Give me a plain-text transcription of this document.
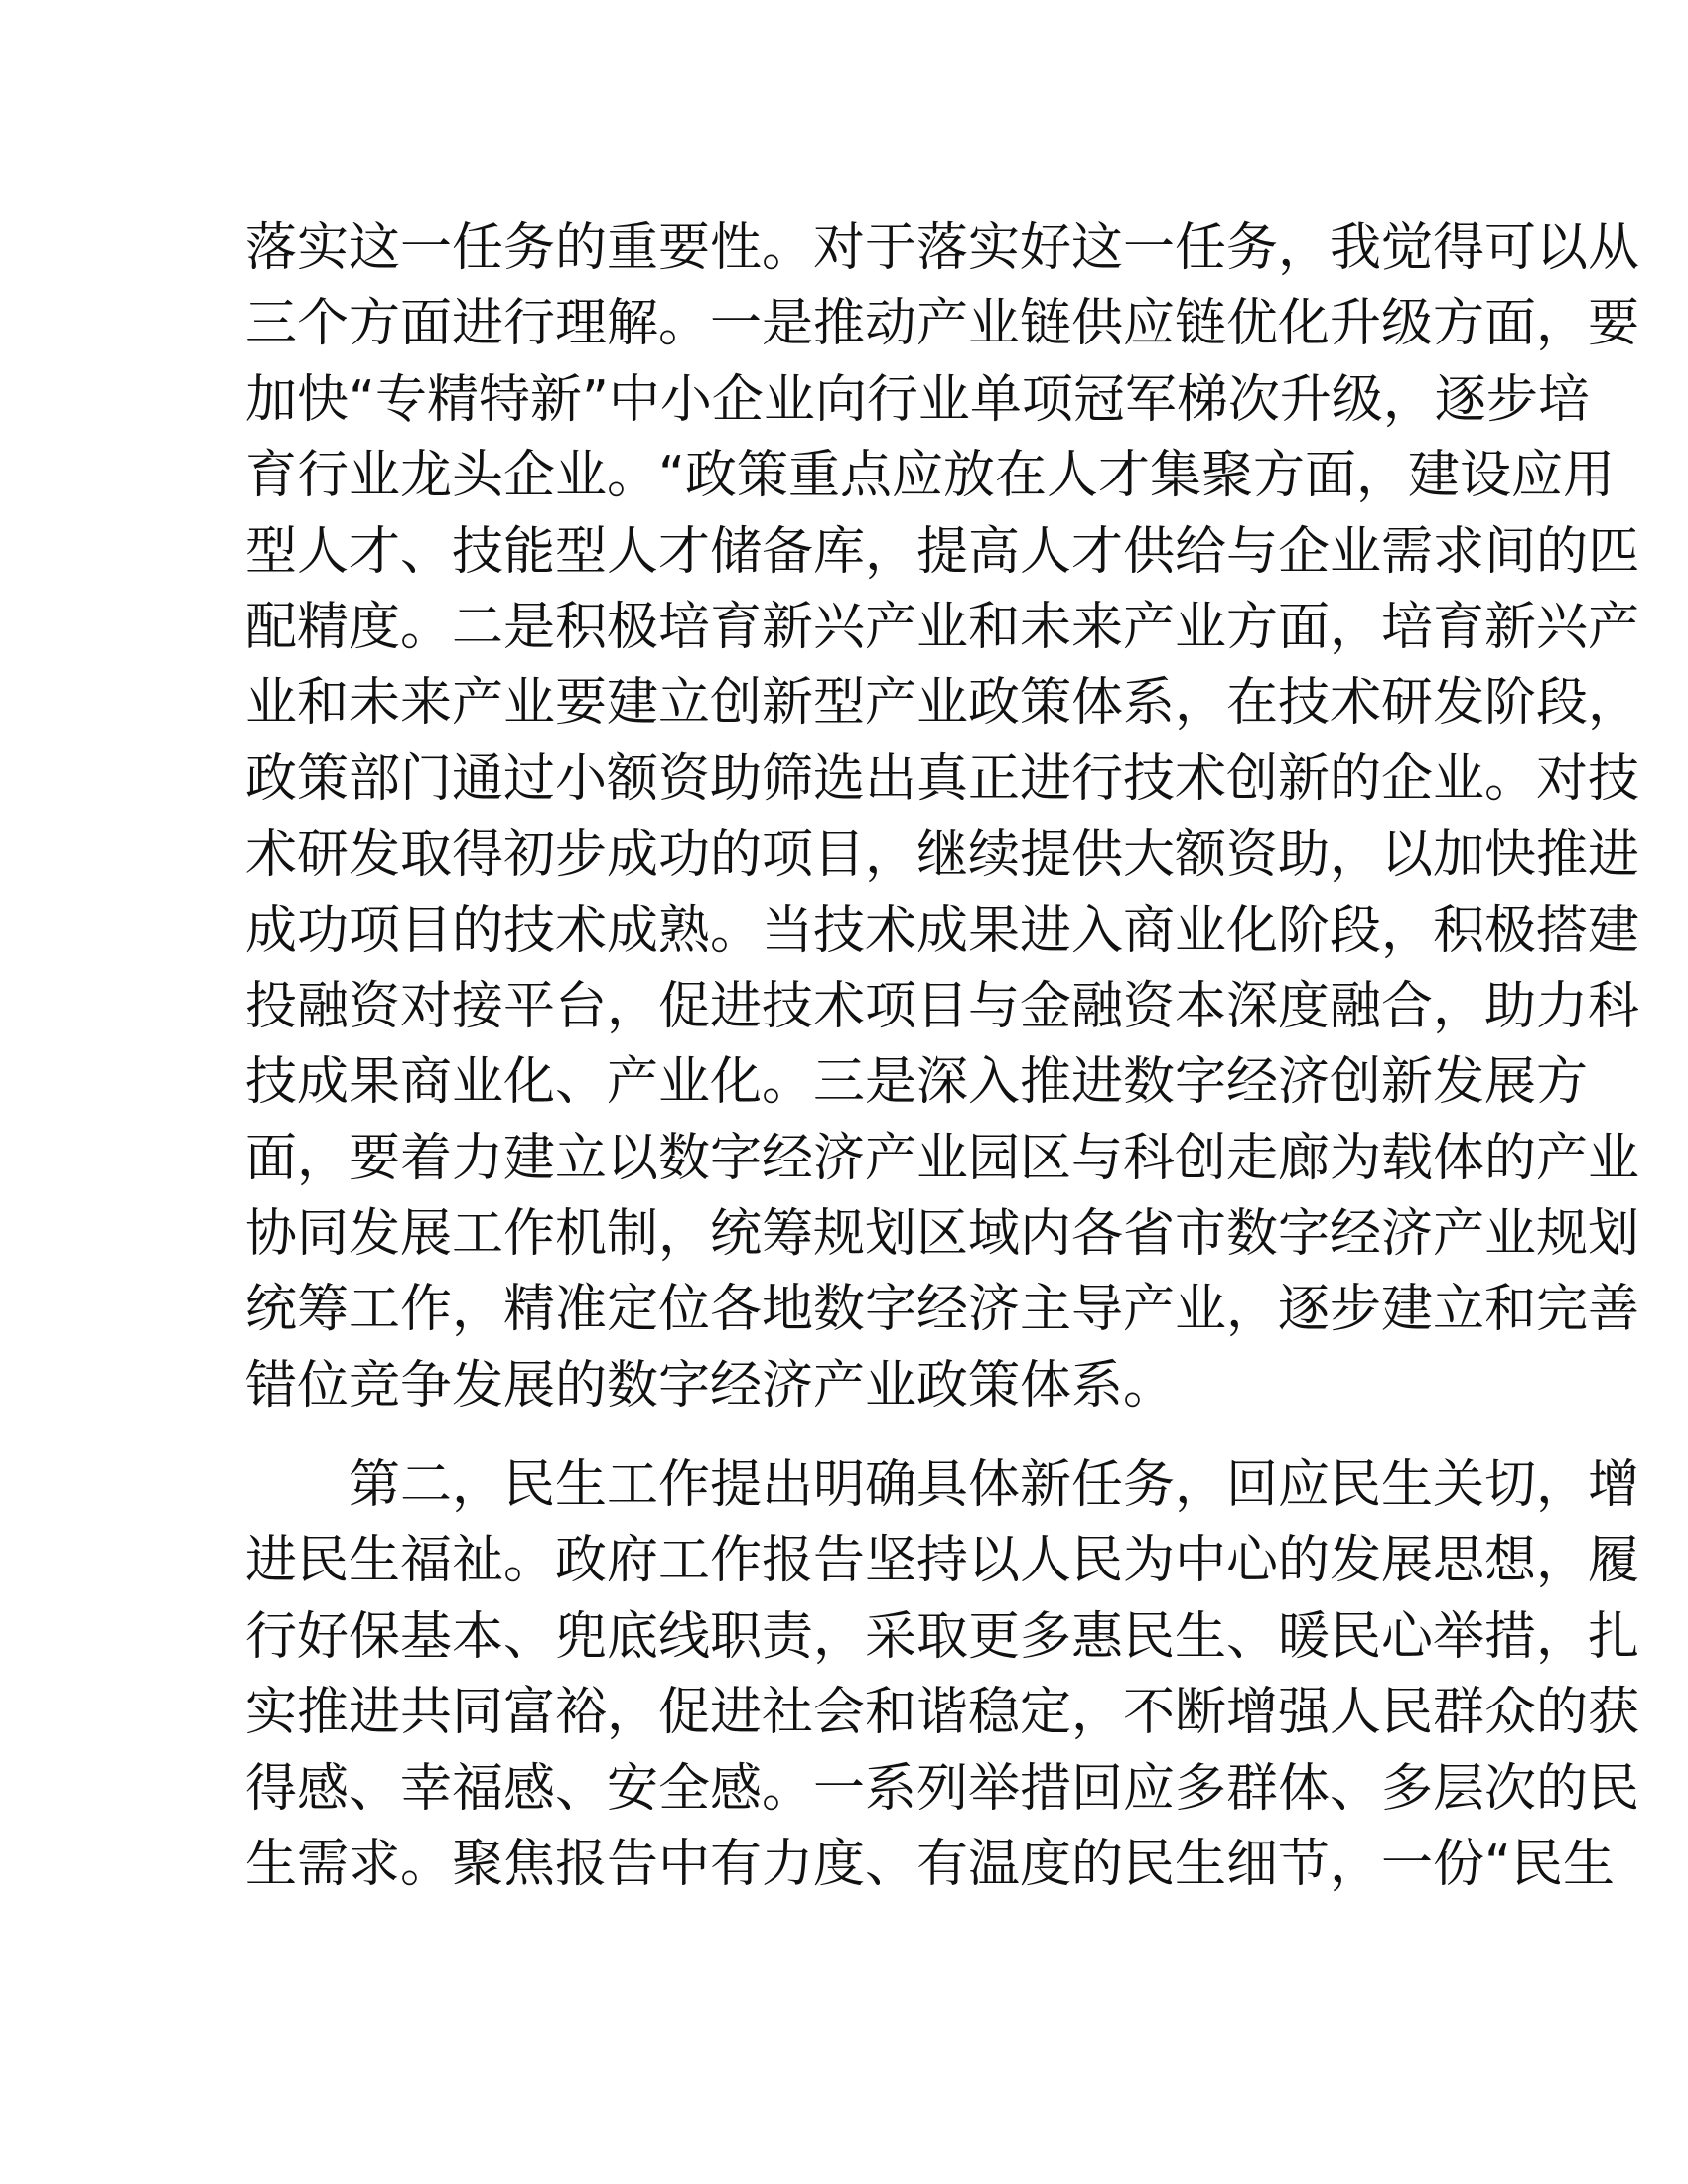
落实这一任务的重要性。对于落实好这一任务，我觉得可以从
三个方面进行理解。一是推动产业链供应链优化升级方面，要
加快“专精特新”中小企业向行业单项冠军梯次升级，逐步培
育行业龙头企业。“政策重点应放在人才集聚方面，建设应用
型人才、技能型人才储备库，提高人才供给与企业需求间的匹
配精度。二是积极培育新兴产业和未来产业方面，培育新兴产
业和未来产业要建立创新型产业政策体系，在技术研发阶段，
政策部门通过小额资助筛选出真正进行技术创新的企业。对技
术研发取得初步成功的项目，继续提供大额资助，以加快推进
成功项目的技术成熟。当技术成果进入商业化阶段，积极搭建
投融资对接平台，促进技术项目与金融资本深度融合，助力科
技成果商业化、产业化。三是深入推进数字经济创新发展方
面，要着力建立以数字经济产业园区与科创走廊为载体的产业
协同发展工作机制，统筹规划区域内各省市数字经济产业规划
统筹工作，精准定位各地数字经济主导产业，逐步建立和完善
错位竞争发展的数字经济产业政策体系。
　　第二，民生工作提出明确具体新任务，回应民生关切，增
进民生福祉。政府工作报告坚持以人民为中心的发展思想，履
行好保基本、兜底线职责，采取更多惠民生、暖民心举措，扎
实推进共同富裕，促进社会和谐稳定，不断增强人民群众的获
得感、幸福感、安全感。一系列举措回应多群体、多层次的民
生需求。聚焦报告中有力度、有温度的民生细节，一份“民生
